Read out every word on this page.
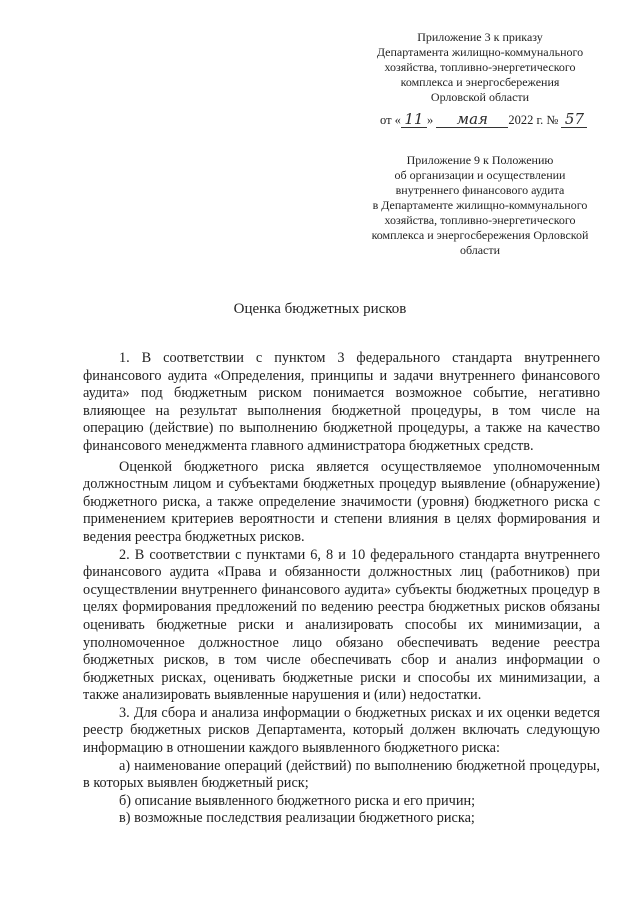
Приложение 3 к приказу
Департамента жилищно-коммунального
хозяйства, топливно-энергетического
комплекса и энергосбережения
Орловской области
от « 11 » мая 2022 г. № 57
Приложение 9 к Положению
об организации и осуществлении
внутреннего финансового аудита
в Департаменте жилищно-коммунального
хозяйства, топливно-энергетического
комплекса и энергосбережения Орловской
области
Оценка бюджетных рисков

1. В соответствии с пунктом 3 федерального стандарта внутреннего финансового аудита «Определения, принципы и задачи внутреннего финансового аудита» под бюджетным риском понимается возможное событие, негативно влияющее на результат выполнения бюджетной процедуры, в том числе на операцию (действие) по выполнению бюджетной процедуры, а также на качество финансового менеджмента главного администратора бюджетных средств.

Оценкой бюджетного риска является осуществляемое уполномоченным должностным лицом и субъектами бюджетных процедур выявление (обнаружение) бюджетного риска, а также определение значимости (уровня) бюджетного риска с применением критериев вероятности и степени влияния в целях формирования и ведения реестра бюджетных рисков.

2. В соответствии с пунктами 6, 8 и 10 федерального стандарта внутреннего финансового аудита «Права и обязанности должностных лиц (работников) при осуществлении внутреннего финансового аудита» субъекты бюджетных процедур в целях формирования предложений по ведению реестра бюджетных рисков обязаны оценивать бюджетные риски и анализировать способы их минимизации, а уполномоченное должностное лицо обязано обеспечивать ведение реестра бюджетных рисков, в том числе обеспечивать сбор и анализ информации о бюджетных рисках, оценивать бюджетные риски и способы их минимизации, а также анализировать выявленные нарушения и (или) недостатки.

3. Для сбора и анализа информации о бюджетных рисках и их оценки ведется реестр бюджетных рисков Департамента, который должен включать следующую информацию в отношении каждого выявленного бюджетного риска:

а) наименование операций (действий) по выполнению бюджетной процедуры, в которых выявлен бюджетный риск;

б) описание выявленного бюджетного риска и его причин;

в) возможные последствия реализации бюджетного риска;
